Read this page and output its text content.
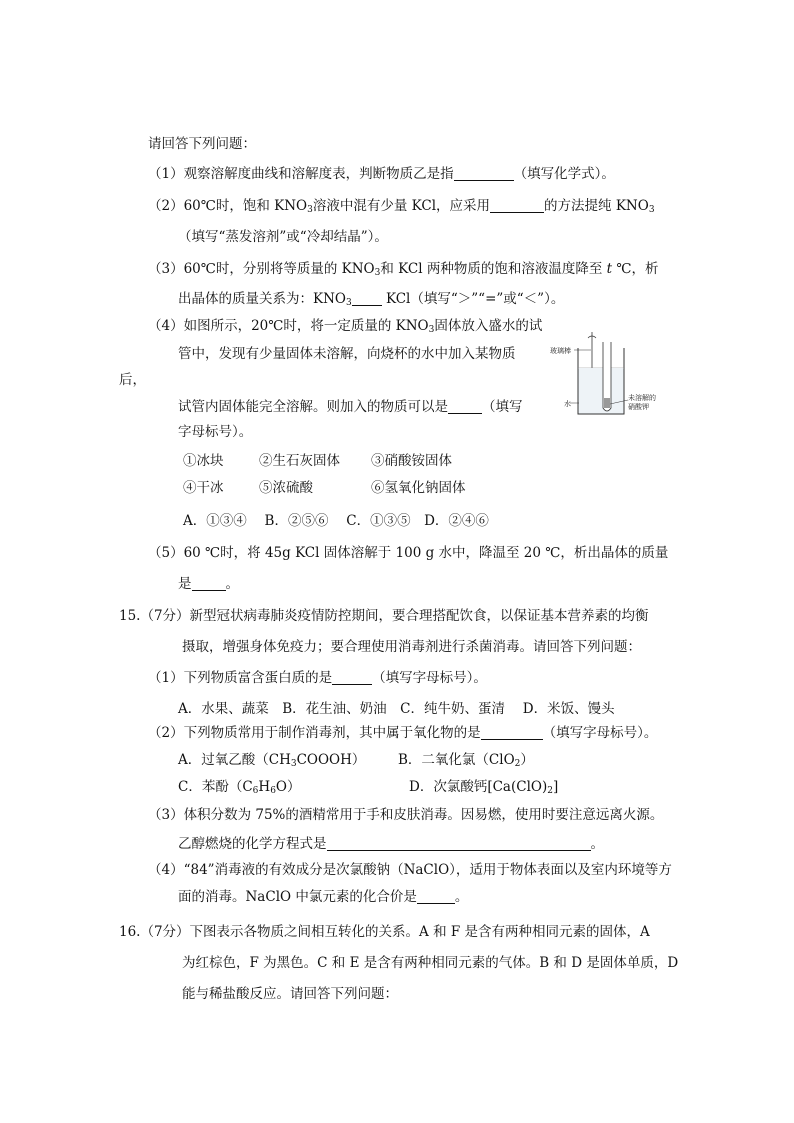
请回答下列问题：
（1）观察溶解度曲线和溶解度表，判断物质乙是指	（填写化学式）。
（2）60℃时，饱和 $KNO_3$溶液中混有少量 KCl，应采用	的方法提纯 $KNO_3$
（填写“蒸发溶剂”或“冷却结晶”）。
（3）60℃时，分别将等质量的 $KNO_3$和 KCl 两种物质的饱和溶液温度降至 t ℃，析
出晶体的质量关系为：$KNO_3$ KCl（填写“＞”“=”或“＜”）。
（4）如图所示，20℃时，将一定质量的 $KNO_3$固体放入盛水的试
管中，发现有少量固体未溶解，向烧杯的水中加入某物质
后，
试管内固体能完全溶解。则加入的物质可以是	（填写
字母标号）。
玻璃棒
水
未溶解的
硝酸钾
①冰块	②生石灰固体 ③硝酸铵固体
④干冰	⑤浓硫酸	⑥氢氧化钠固体
A．①③④　 B．②⑤⑥　 C．①③⑤　D．②④⑥
（5）60 ℃时，将 45g KCl 固体溶解于 100 g 水中，降温至 20 ℃，析出晶体的质量
是	。
15.（7分）新型冠状病毒肺炎疫情防控期间，要合理搭配饮食，以保证基本营养素的均衡
摄取，增强身体免疫力；要合理使用消毒剂进行杀菌消毒。请回答下列问题：
（1）下列物质富含蛋白质的是	（填写字母标号）。
A．水果、蔬菜　B．花生油、奶油　C．纯牛奶、蛋清　 D．米饭、馒头
（2）下列物质常用于制作消毒剂，其中属于氧化物的是	（填写字母标号）。
A．过氧乙酸$(CH_3COOOH)$ B．二氧化氯（ClO$_2$）
C．苯酚$(C_6H_6O)$	D．次氯酸钙$[Ca(ClO)_2]$
（3）体积分数为 75%的酒精常用于手和皮肤消毒。因易燃，使用时要注意远离火源。
乙醇燃烧的化学方程式是	。
（4）“84”消毒液的有效成分是次氯酸钠（NaClO），适用于物体表面以及室内环境等方
面的消毒。NaClO 中氯元素的化合价是	。
16.（7分）下图表示各物质之间相互转化的关系。A 和 F 是含有两种相同元素的固体，A
为红棕色，F 为黑色。C 和 E 是含有两种相同元素的气体。B 和 D 是固体单质，D
能与稀盐酸反应。请回答下列问题：
